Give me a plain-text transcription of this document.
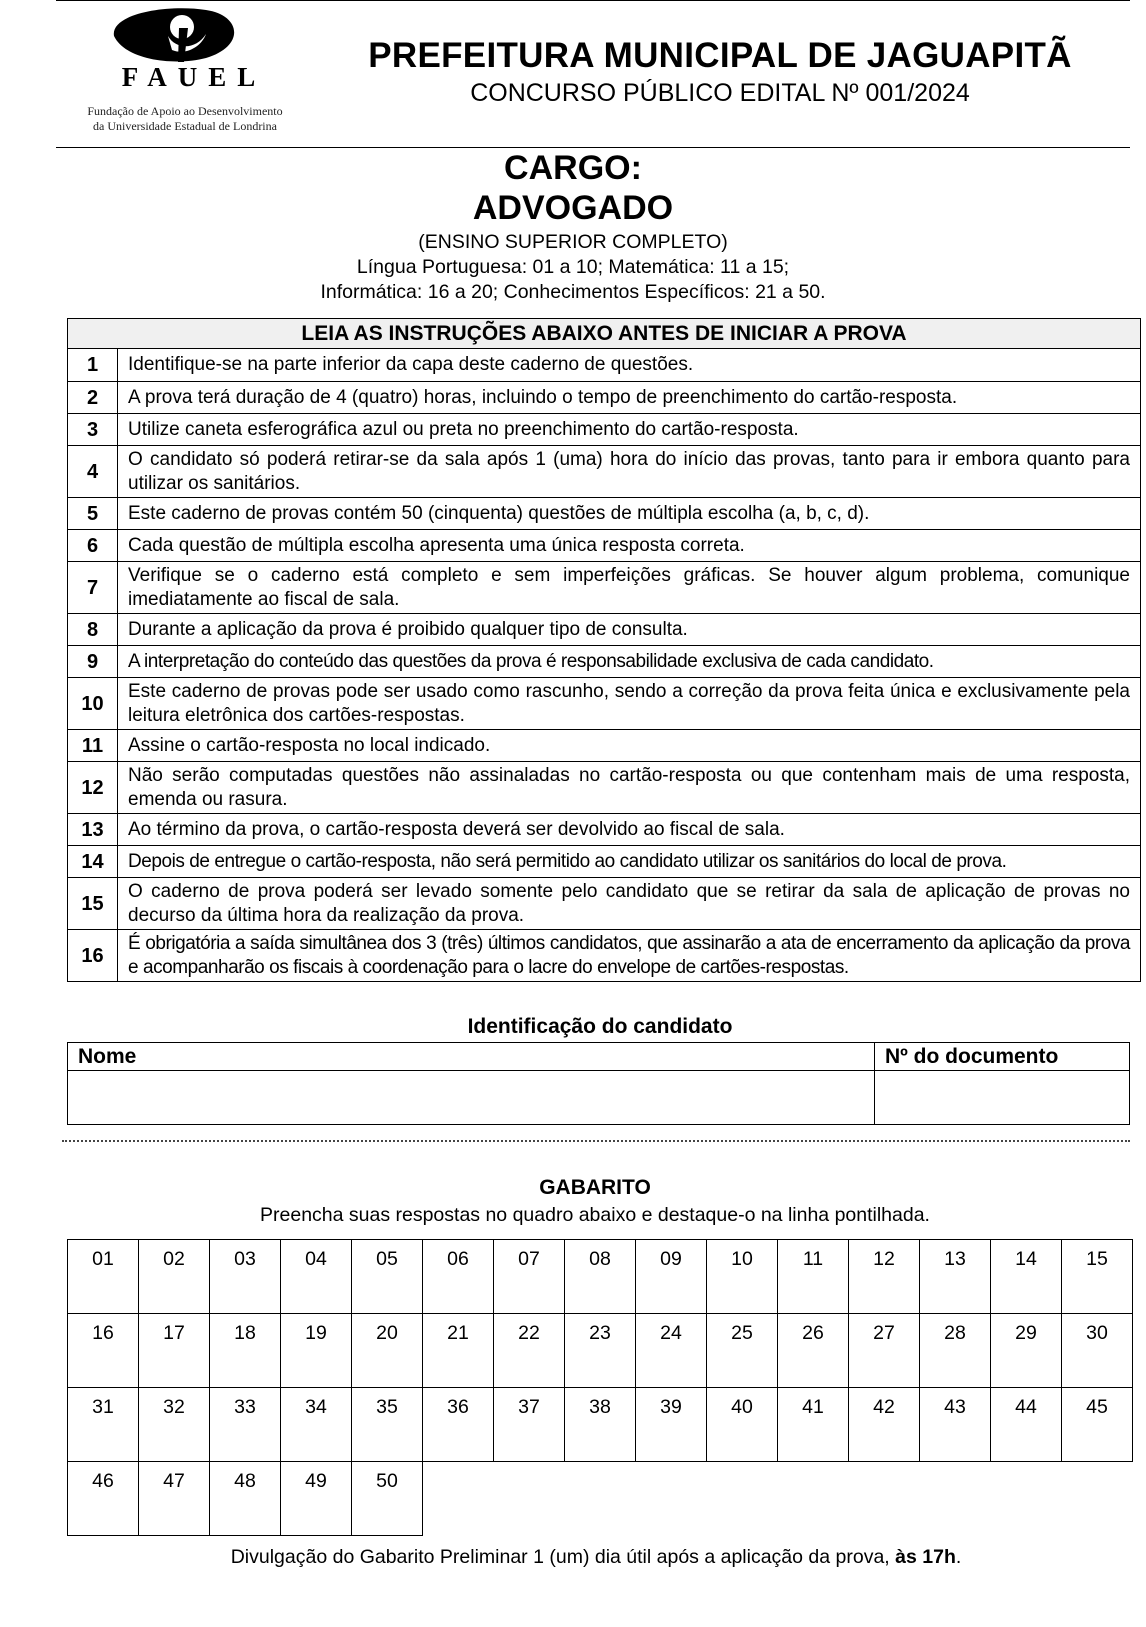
FAUEL
Fundação de Apoio ao Desenvolvimento
da Universidade Estadual de Londrina
PREFEITURA MUNICIPAL DE JAGUAPITÃ
CONCURSO PÚBLICO EDITAL Nº 001/2024
CARGO:
ADVOGADO
(ENSINO SUPERIOR COMPLETO)
Língua Portuguesa: 01 a 10; Matemática: 11 a 15;
Informática: 16 a 20; Conhecimentos Específicos: 21 a 50.
LEIA AS INSTRUÇÕES ABAIXO ANTES DE INICIAR A PROVA	
1	Identifique-se na parte inferior da capa deste caderno de questões.
2	A prova terá duração de 4 (quatro) horas, incluindo o tempo de preenchimento do cartão-resposta.
3	Utilize caneta esferográfica azul ou preta no preenchimento do cartão-resposta.
4	O candidato só poderá retirar-se da sala após 1 (uma) hora do início das provas, tanto para ir embora quanto para utilizar os sanitários.
5	Este caderno de provas contém 50 (cinquenta) questões de múltipla escolha (a, b, c, d).
6	Cada questão de múltipla escolha apresenta uma única resposta correta.
7	Verifique se o caderno está completo e sem imperfeições gráficas. Se houver algum problema, comunique imediatamente ao fiscal de sala.
8	Durante a aplicação da prova é proibido qualquer tipo de consulta.
9	A interpretação do conteúdo das questões da prova é responsabilidade exclusiva de cada candidato.
10	Este caderno de provas pode ser usado como rascunho, sendo a correção da prova feita única e exclusivamente pela leitura eletrônica dos cartões-respostas.
11	Assine o cartão-resposta no local indicado.
12	Não serão computadas questões não assinaladas no cartão-resposta ou que contenham mais de uma resposta, emenda ou rasura.
13	Ao término da prova, o cartão-resposta deverá ser devolvido ao fiscal de sala.
14	Depois de entregue o cartão-resposta, não será permitido ao candidato utilizar os sanitários do local de prova.
15	O caderno de prova poderá ser levado somente pelo candidato que se retirar da sala de aplicação de provas no decurso da última hora da realização da prova.
16	É obrigatória a saída simultânea dos 3 (três) últimos candidatos, que assinarão a ata de encerramento da aplicação da prova e acompanharão os fiscais à coordenação para o lacre do envelope de cartões-respostas.
Identificação do candidato
Nome	Nº do documento

GABARITO
Preencha suas respostas no quadro abaixo e destaque-o na linha pontilhada.
01	02	03	04	05	06	07	08	09	10	11	12	13	14	15
16	17	18	19	20	21	22	23	24	25	26	27	28	29	30
31	32	33	34	35	36	37	38	39	40	41	42	43	44	45
46	47	48	49	50
Divulgação do Gabarito Preliminar 1 (um) dia útil após a aplicação da prova, às 17h.
